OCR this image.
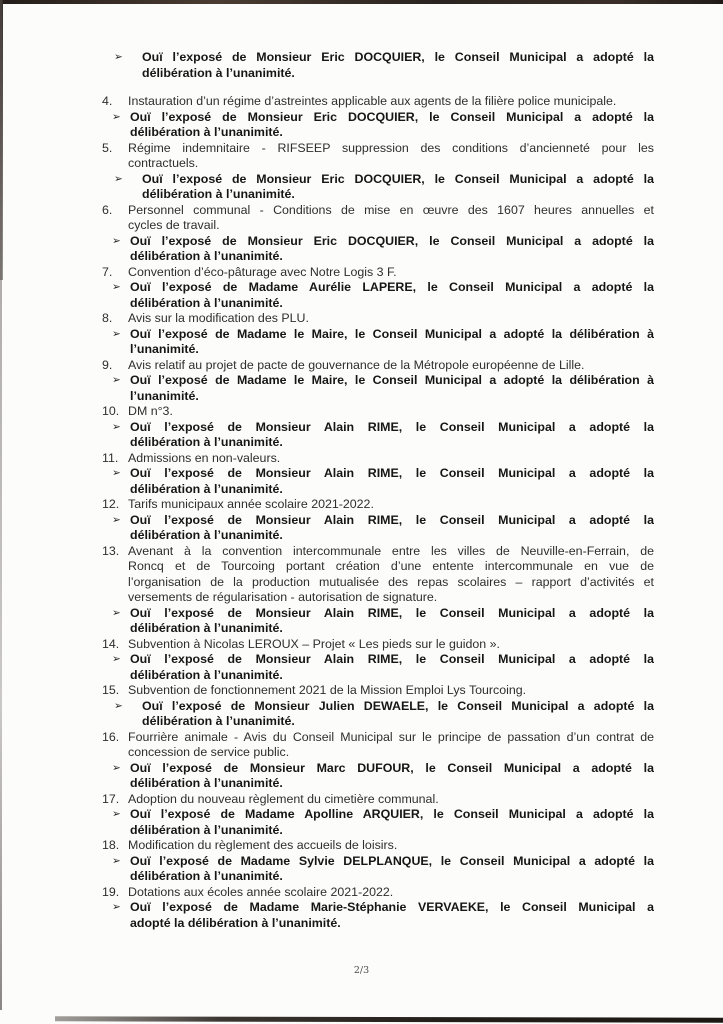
➢	Ouï l’exposé de Monsieur Eric DOCQUIER, le Conseil Municipal a adopté la
délibération à l’unanimité.
4.	Instauration d’un régime d’astreintes applicable aux agents de la filière police municipale.
➢ Ouï l’exposé de Monsieur Eric DOCQUIER, le Conseil Municipal a adopté la
délibération à l’unanimité.
5.	Régime indemnitaire - RIFSEEP suppression des conditions d’ancienneté pour les
contractuels.
➢	Ouï l’exposé de Monsieur Eric DOCQUIER, le Conseil Municipal a adopté la
délibération à l’unanimité.
6.	Personnel communal - Conditions de mise en œuvre des 1607 heures annuelles et
cycles de travail.
➢ Ouï l’exposé de Monsieur Eric DOCQUIER, le Conseil Municipal a adopté la
délibération à l’unanimité.
7.	Convention d’éco-pâturage avec Notre Logis 3 F.
➢ Ouï l’exposé de Madame Aurélie LAPERE, le Conseil Municipal a adopté la
délibération à l’unanimité.
8.	Avis sur la modification des PLU.
➢ Ouï l’exposé de Madame le Maire, le Conseil Municipal a adopté la délibération à
l’unanimité.
9.	Avis relatif au projet de pacte de gouvernance de la Métropole européenne de Lille.
➢ Ouï l’exposé de Madame le Maire, le Conseil Municipal a adopté la délibération à
l’unanimité.
10. DM n°3.
➢ Ouï l’exposé de Monsieur Alain RIME, le Conseil Municipal a adopté la
délibération à l’unanimité.
11. Admissions en non-valeurs.
➢ Ouï l’exposé de Monsieur Alain RIME, le Conseil Municipal a adopté la
délibération à l’unanimité.
12. Tarifs municipaux année scolaire 2021-2022.
➢ Ouï l’exposé de Monsieur Alain RIME, le Conseil Municipal a adopté la
délibération à l’unanimité.
13. Avenant à la convention intercommunale entre les villes de Neuville-en-Ferrain, de
Roncq et de Tourcoing portant création d’une entente intercommunale en vue de
l’organisation de la production mutualisée des repas scolaires – rapport d’activités et
versements de régularisation - autorisation de signature.
➢ Ouï l’exposé de Monsieur Alain RIME, le Conseil Municipal a adopté la
délibération à l’unanimité.
14. Subvention à Nicolas LEROUX – Projet « Les pieds sur le guidon ».
➢ Ouï l’exposé de Monsieur Alain RIME, le Conseil Municipal a adopté la
délibération à l’unanimité.
15. Subvention de fonctionnement 2021 de la Mission Emploi Lys Tourcoing.
➢	Ouï l’exposé de Monsieur Julien DEWAELE, le Conseil Municipal a adopté la
délibération à l’unanimité.
16. Fourrière animale - Avis du Conseil Municipal sur le principe de passation d’un contrat de
concession de service public.
➢ Ouï l’exposé de Monsieur Marc DUFOUR, le Conseil Municipal a adopté la
délibération à l’unanimité.
17. Adoption du nouveau règlement du cimetière communal.
➢ Ouï l’exposé de Madame Apolline ARQUIER, le Conseil Municipal a adopté la
délibération à l’unanimité.
18. Modification du règlement des accueils de loisirs.
➢ Ouï l’exposé de Madame Sylvie DELPLANQUE, le Conseil Municipal a adopté la
délibération à l’unanimité.
19. Dotations aux écoles année scolaire 2021-2022.
➢ Ouï l’exposé de Madame Marie-Stéphanie VERVAEKE, le Conseil Municipal a
adopté la délibération à l’unanimité.
2/3
